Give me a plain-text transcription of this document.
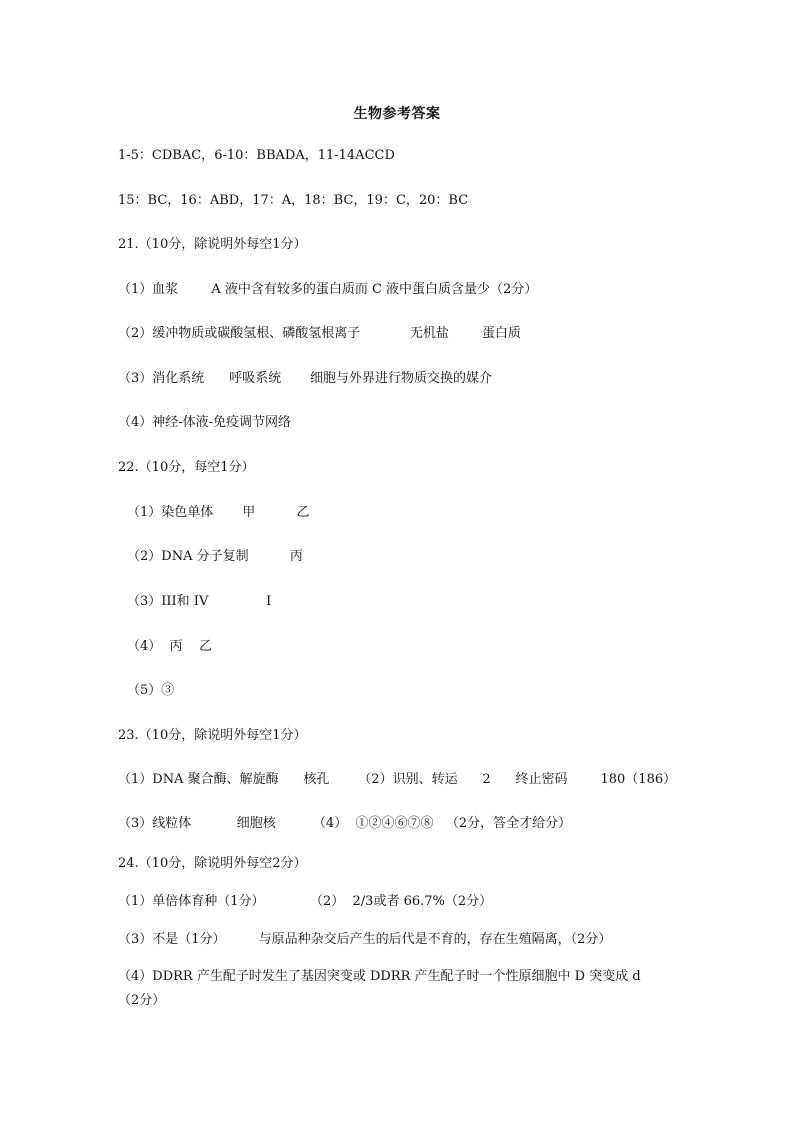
生物参考答案
1-5：CDBAC，6-10：BBADA，11-14ACCD
15：BC，16：ABD，17：A，18：BC，19：C，20：BC
21.（10分，除说明外每空1分）
（1）血浆        A 液中含有较多的蛋白质而 C 液中蛋白质含量少（2分）
（2）缓冲物质或碳酸氢根、磷酸氢根离子            无机盐        蛋白质
（3）消化系统      呼吸系统       细胞与外界进行物质交换的媒介
（4）神经-体液-免疫调节网络
22.（10分，每空1分）
（1）染色单体       甲          乙
（2）DNA 分子复制          丙
（3）III和 IV              I
（4）  丙    乙
（5）③
23.（10分，除说明外每空1分）
（1）DNA 聚合酶、解旋酶      核孔       （2）识别、转运      2      终止密码        180（186）
（3）线粒体           细胞核         （4）  ①②④⑥⑦⑧   （2分，答全才给分）
24.（10分，除说明外每空2分）
（1）单倍体育种（1分）           （2）  2/3或者 66.7%（2分）
（3）不是（1分）        与原品种杂交后产生的后代是不育的，存在生殖隔离，（2分）
（4）DDRR 产生配子时发生了基因突变或 DDRR 产生配子时一个性原细胞中 D 突变成 d
（2分）
